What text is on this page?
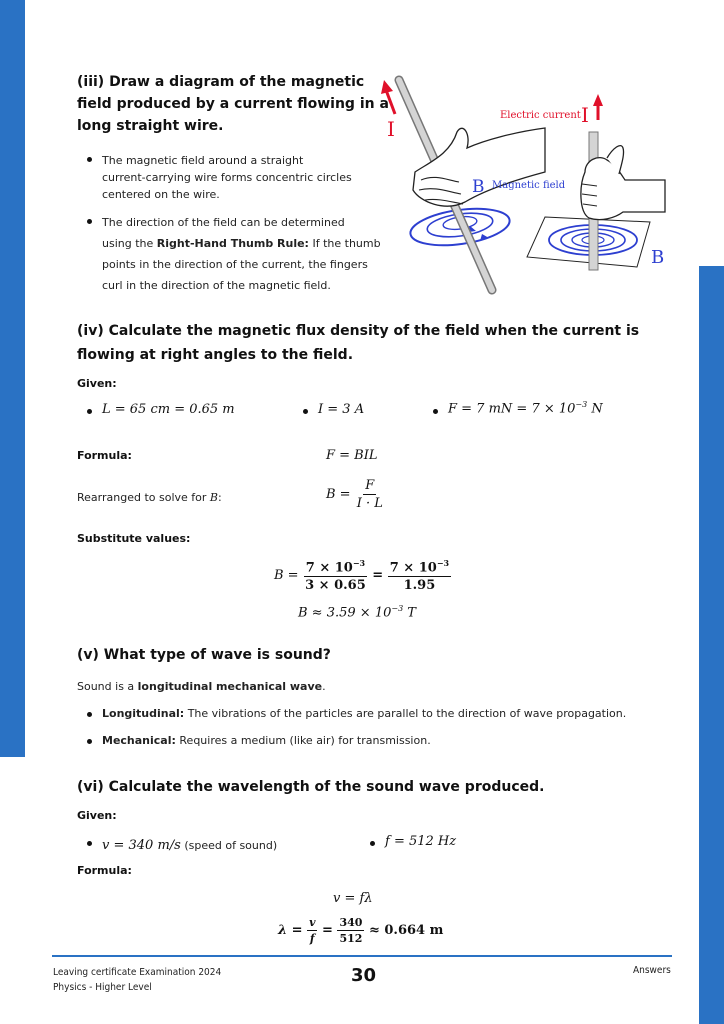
(iii) Draw a diagram of the magnetic
field produced by a current flowing in a
long straight wire.
The magnetic field around a straight
current-carrying wire forms concentric circles
centered on the wire.
The direction of the field can be determined
using the Right-Hand Thumb Rule: If the thumb
points in the direction of the current, the fingers
curl in the direction of the magnetic field.
I
B Magnetic field
Electric current I
B
(iv) Calculate the magnetic flux density of the field when the current is
flowing at right angles to the field.
Given:
L = 65 cm = 0.65 m	I = 3 A	F = 7 mN = $7 \times 10^{-3}$ N
Formula:	F = BIL
Rearranged to solve for B:	$B = \frac{F}{I \cdot L}$
Substitute values:
$B = \frac{7 \times 10^{-3}}{3 \times 0.65} = \frac{7 \times 10^{-3}}{1.95}$
$B \approx 3.59 \times 10^{-3}$ T
(v) What type of wave is sound?
Sound is a longitudinal mechanical wave.
Longitudinal: The vibrations of the particles are parallel to the direction of wave propagation.
Mechanical: Requires a medium (like air) for transmission.
(vi) Calculate the wavelength of the sound wave produced.
Given:
v = 340 m/s (speed of sound)	f = 512 Hz
Formula:
v = fλ
$\lambda = \frac{v}{f} = \frac{340}{512} \approx 0.664$ m
Leaving certificate Examination 2024
Physics - Higher Level
30	Answers
